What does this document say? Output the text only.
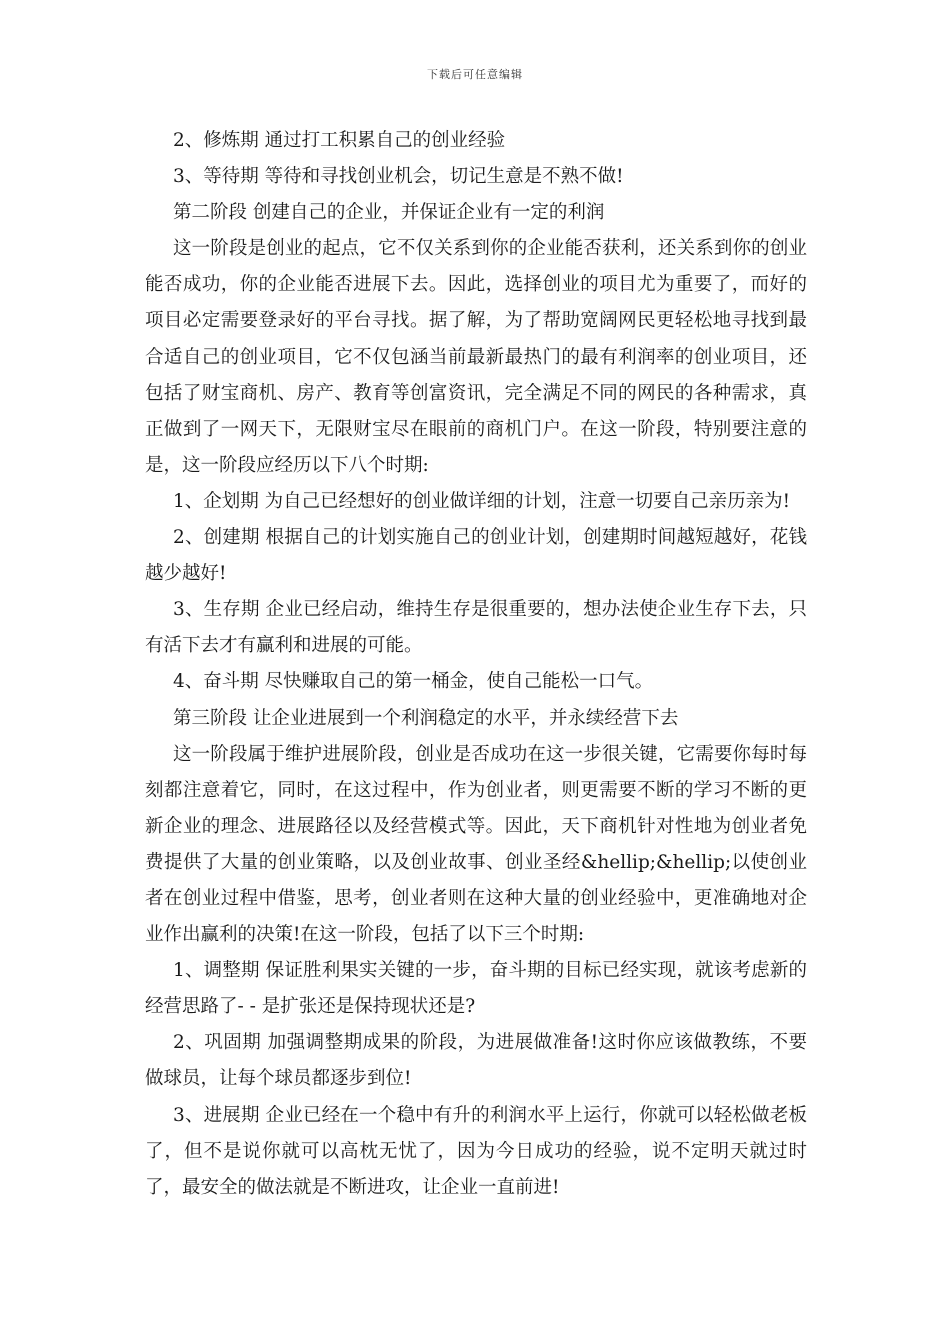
下载后可任意编辑

2、修炼期 通过打工积累自己的创业经验

3、等待期 等待和寻找创业机会，切记生意是不熟不做!

第二阶段 创建自己的企业，并保证企业有一定的利润

这一阶段是创业的起点，它不仅关系到你的企业能否获利，还关系到你的创业能否成功，你的企业能否进展下去。因此，选择创业的项目尤为重要了，而好的项目必定需要登录好的平台寻找。据了解，为了帮助宽阔网民更轻松地寻找到最合适自己的创业项目，它不仅包涵当前最新最热门的最有利润率的创业项目，还包括了财宝商机、房产、教育等创富资讯，完全满足不同的网民的各种需求，真正做到了一网天下，无限财宝尽在眼前的商机门户。在这一阶段，特别要注意的是，这一阶段应经历以下八个时期:

1、企划期 为自己已经想好的创业做详细的计划，注意一切要自己亲历亲为!

2、创建期 根据自己的计划实施自己的创业计划，创建期时间越短越好，花钱越少越好!

3、生存期 企业已经启动，维持生存是很重要的，想办法使企业生存下去，只有活下去才有赢利和进展的可能。

4、奋斗期 尽快赚取自己的第一桶金，使自己能松一口气。

第三阶段 让企业进展到一个利润稳定的水平，并永续经营下去

这一阶段属于维护进展阶段，创业是否成功在这一步很关键，它需要你每时每刻都注意着它，同时，在这过程中，作为创业者，则更需要不断的学习不断的更新企业的理念、进展路径以及经营模式等。因此，天下商机针对性地为创业者免费提供了大量的创业策略，以及创业故事、创业圣经&hellip;&hellip;以使创业者在创业过程中借鉴，思考，创业者则在这种大量的创业经验中，更准确地对企业作出赢利的决策!在这一阶段，包括了以下三个时期:

1、调整期 保证胜利果实关键的一步，奋斗期的目标已经实现，就该考虑新的经营思路了- - 是扩张还是保持现状还是?

2、巩固期 加强调整期成果的阶段，为进展做准备!这时你应该做教练，不要做球员，让每个球员都逐步到位!

3、进展期 企业已经在一个稳中有升的利润水平上运行，你就可以轻松做老板了，但不是说你就可以高枕无忧了，因为今日成功的经验，说不定明天就过时了，最安全的做法就是不断进攻，让企业一直前进!
